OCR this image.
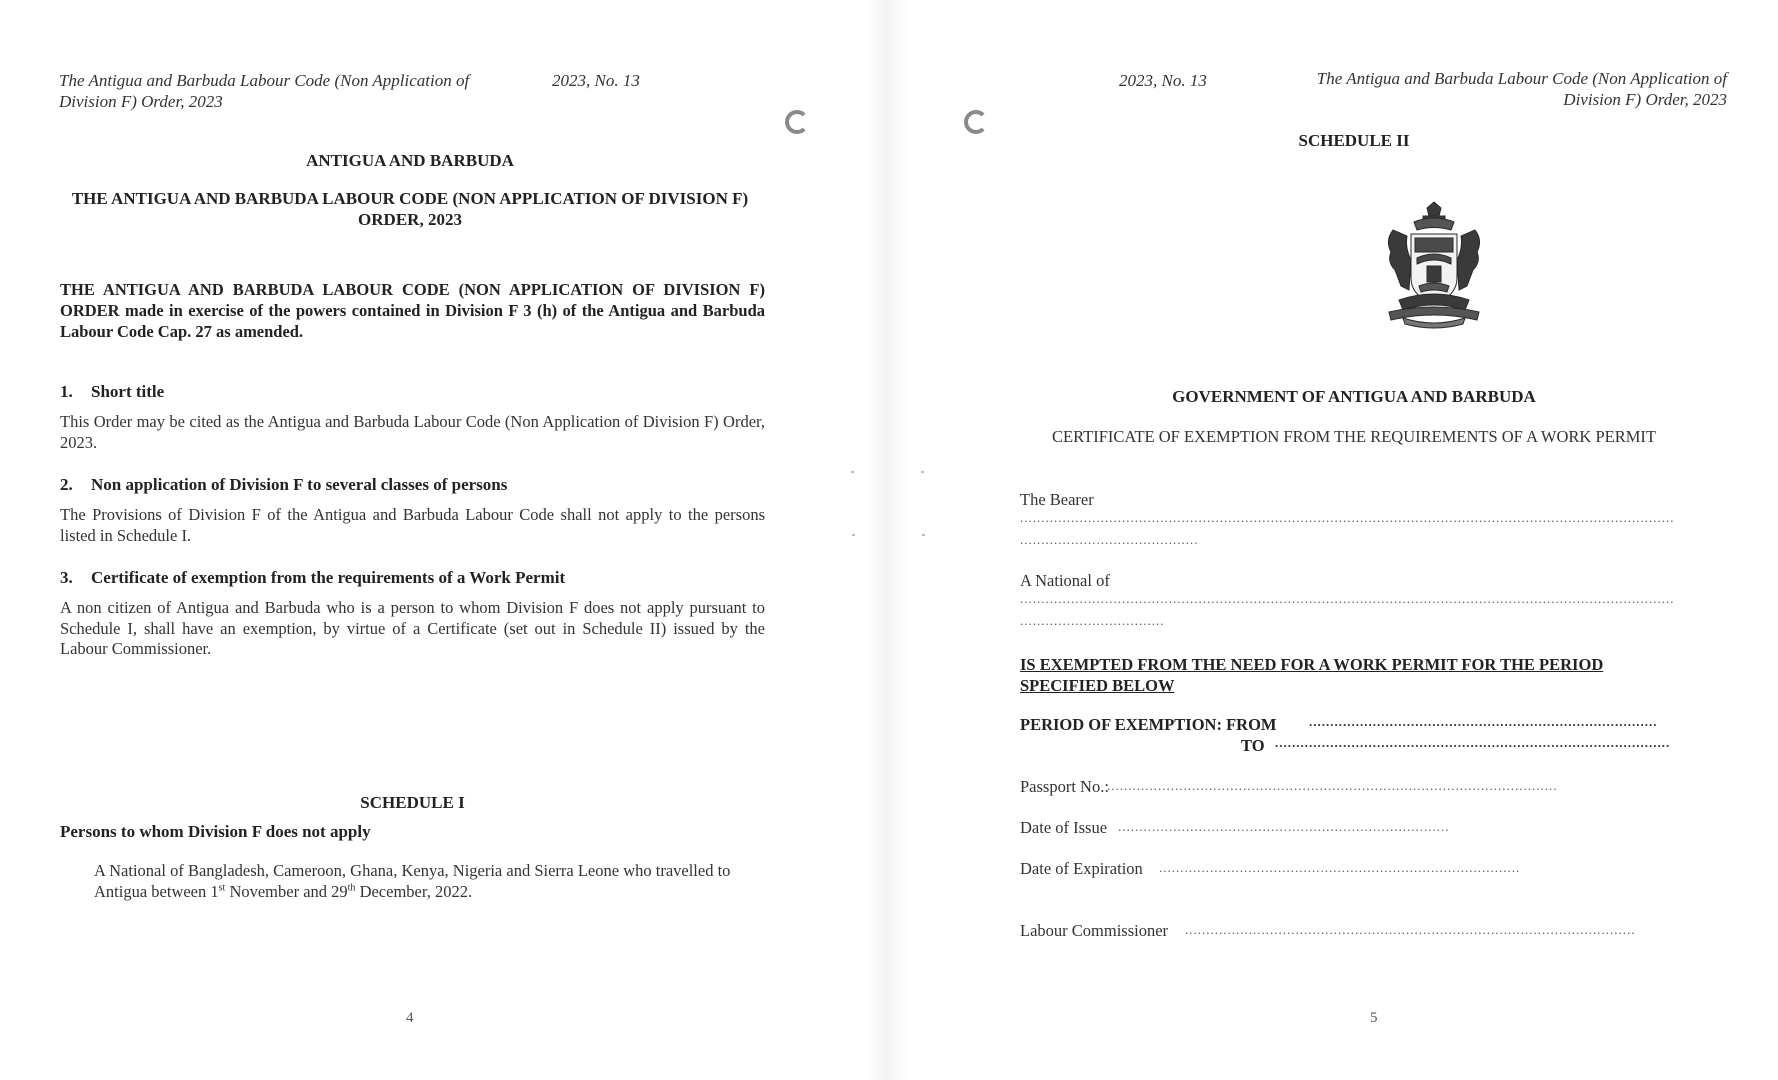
The Antigua and Barbuda Labour Code (Non Application of Division F) Order, 2023
2023, No. 13
ANTIGUA AND BARBUDA
THE ANTIGUA AND BARBUDA LABOUR CODE (NON APPLICATION OF DIVISION F) ORDER, 2023
THE ANTIGUA AND BARBUDA LABOUR CODE (NON APPLICATION OF DIVISION F) ORDER made in exercise of the powers contained in Division F 3 (h) of the Antigua and Barbuda Labour Code Cap. 27 as amended.
1. Short title
This Order may be cited as the Antigua and Barbuda Labour Code (Non Application of Division F) Order, 2023.
2. Non application of Division F to several classes of persons
The Provisions of Division F of the Antigua and Barbuda Labour Code shall not apply to the persons listed in Schedule I.
3. Certificate of exemption from the requirements of a Work Permit
A non citizen of Antigua and Barbuda who is a person to whom Division F does not apply pursuant to Schedule I, shall have an exemption, by virtue of a Certificate (set out in Schedule II) issued by the Labour Commissioner.
SCHEDULE I
Persons to whom Division F does not apply
A National of Bangladesh, Cameroon, Ghana, Kenya, Nigeria and Sierra Leone who travelled to Antigua between 1st November and 29th December, 2022.
4
2023, No. 13	The Antigua and Barbuda Labour Code (Non Application of Division F) Order, 2023
SCHEDULE II
GOVERNMENT OF ANTIGUA AND BARBUDA
CERTIFICATE OF EXEMPTION FROM THE REQUIREMENTS OF A WORK PERMIT
The Bearer
..........................................................................................................................................................
..........................................
A National of
..........................................................................................................................................................
..................................
IS EXEMPTED FROM THE NEED FOR A WORK PERMIT FOR THE PERIOD SPECIFIED BELOW
PERIOD OF EXEMPTION: FROM	..................................................................................
TO .............................................................................................
Passport No.:
..........................................................................................................
Date of Issue ..............................................................................
Date of Expiration .....................................................................................
Labour Commissioner ..........................................................................................................
5
